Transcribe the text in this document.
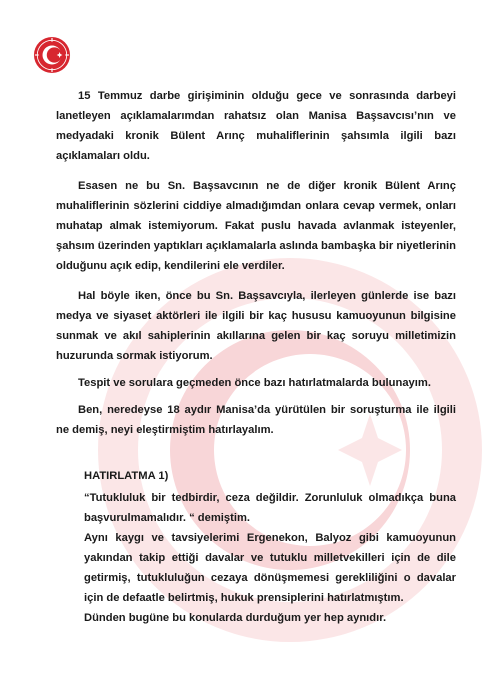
15 Temmuz darbe girişiminin olduğu gece ve sonrasında darbeyi lanetleyen açıklamalarımdan rahatsız olan Manisa Başsavcısı’nın ve medyadaki kronik Bülent Arınç muhaliflerinin şahsımla ilgili bazı açıklamaları oldu.

Esasen ne bu Sn. Başsavcının ne de diğer kronik Bülent Arınç muhaliflerinin sözlerini ciddiye almadığımdan onlara cevap vermek, onları muhatap almak istemiyorum. Fakat puslu havada avlanmak isteyenler, şahsım üzerinden yaptıkları açıklamalarla aslında bambaşka bir niyetlerinin olduğunu açık edip, kendilerini ele verdiler.

Hal böyle iken, önce bu Sn. Başsavcıyla, ilerleyen günlerde ise bazı medya ve siyaset aktörleri ile ilgili bir kaç hususu kamuoyunun bilgisine sunmak ve akıl sahiplerinin akıllarına gelen bir kaç soruyu milletimizin huzurunda sormak istiyorum.

Tespit ve sorulara geçmeden önce bazı hatırlatmalarda bulunayım.

Ben, neredeyse 18 aydır Manisa’da yürütülen bir soruşturma ile ilgili ne demiş, neyi eleştirmiştim hatırlayalım.

HATIRLATMA 1)
“Tutukluluk bir tedbirdir, ceza değildir. Zorunluluk olmadıkça buna başvurulmamalıdır. “ demiştim.
Aynı kaygı ve tavsiyelerimi Ergenekon, Balyoz gibi kamuoyunun yakından takip ettiği davalar ve tutuklu milletvekilleri için de dile getirmiş, tutukluluğun cezaya dönüşmemesi gerekliliğini o davalar için de defaatle belirtmiş, hukuk prensiplerini hatırlatmıştım.
Dünden bugüne bu konularda durduğum yer hep aynıdır.
